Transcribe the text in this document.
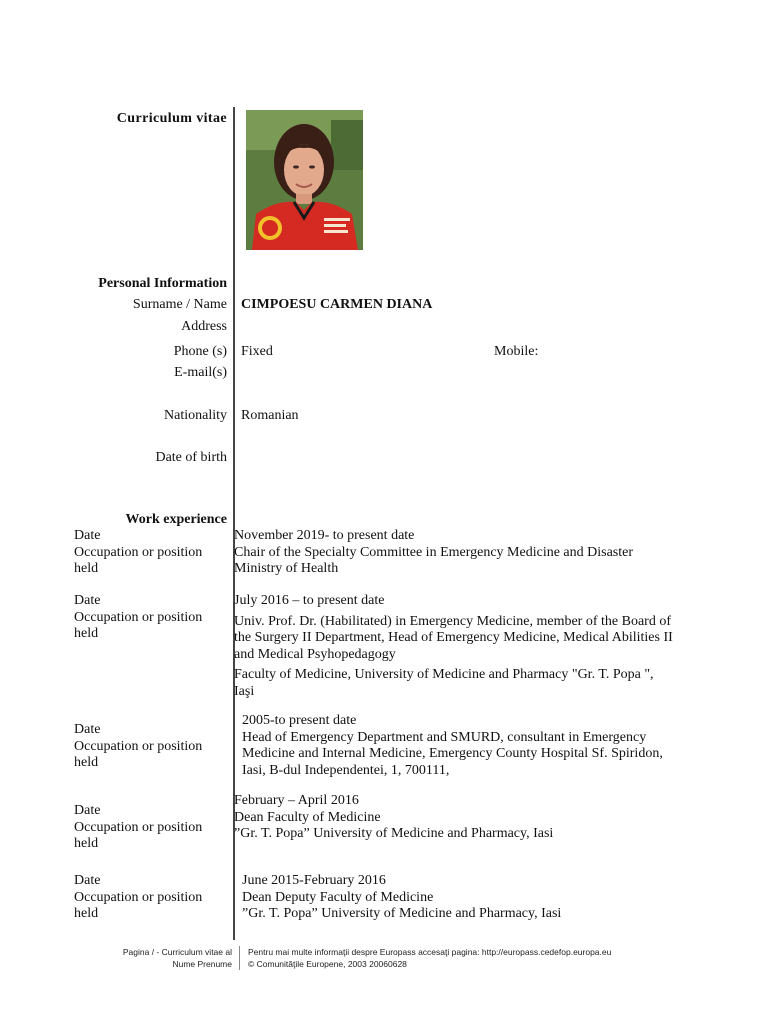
Curriculum vitae
Personal Information
Surname / Name CIMPOESU CARMEN DIANA
Address
Phone (s) Fixed	Mobile:
E-mail(s)
Nationality Romanian
Date of birth
Work experience
Date
Occupation or position
held
November 2019- to present date
Chair of the Specialty Committee in Emergency Medicine and Disaster
Ministry of Health
Date
Occupation or position
held
July 2016 – to present date
Univ. Prof. Dr. (Habilitated) in Emergency Medicine, member of the Board of
the Surgery II Department, Head of Emergency Medicine, Medical Abilities II
and Medical Psyhopedagogy
Faculty of Medicine, University of Medicine and Pharmacy "Gr. T. Popa ",
Iaşi
Date
Occupation or position
held
2005-to present date
Head of Emergency Department and SMURD, consultant in Emergency
Medicine and Internal Medicine, Emergency County Hospital Sf. Spiridon,
Iasi, B-dul Independentei, 1, 700111,
Date
Occupation or position
held
February – April 2016
Dean Faculty of Medicine
”Gr. T. Popa” University of Medicine and Pharmacy, Iasi
Date
Occupation or position
held
June 2015-February 2016
Dean Deputy Faculty of Medicine
”Gr. T. Popa” University of Medicine and Pharmacy, Iasi
Pagina / - Curriculum vitae al
Nume Prenume
Pentru mai multe informaţii despre Europass accesaţi pagina: http://europass.cedefop.europa.eu
© Comunităţile Europene, 2003 20060628
